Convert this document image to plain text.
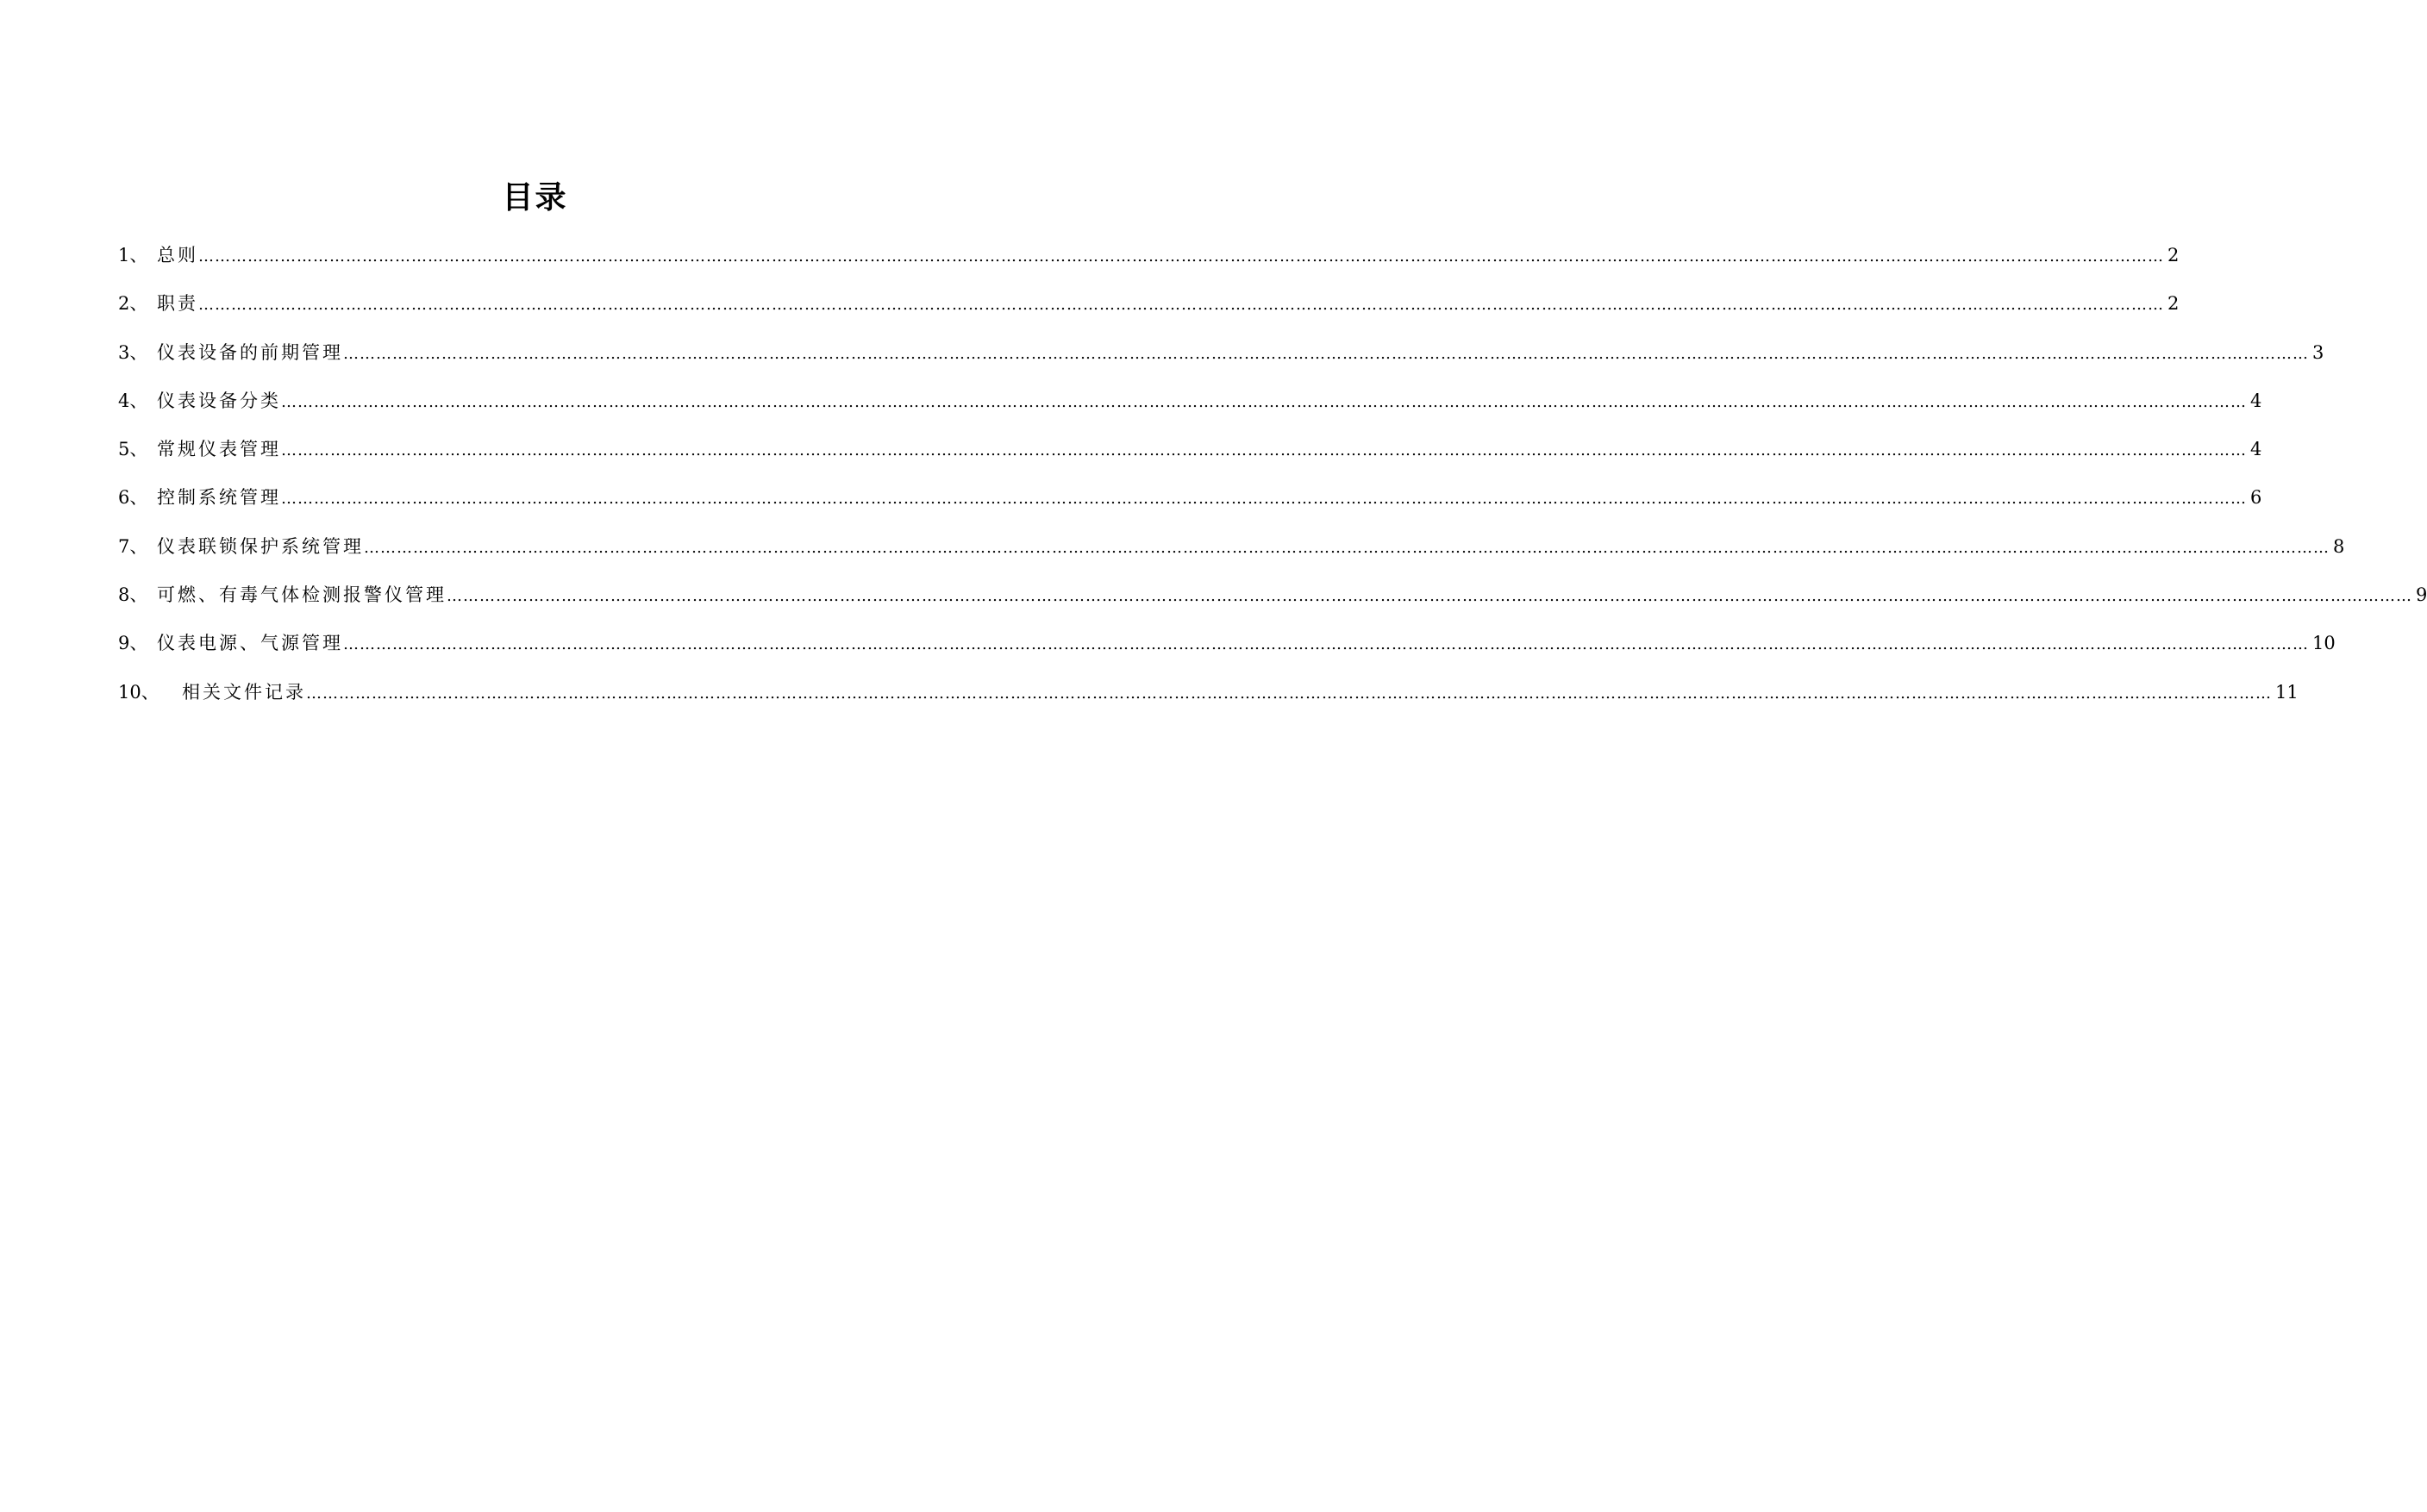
目录
1、 总则 ……………………………………………………………………………………………………………………………………………………………………………………………………………………………………………………………………………………………………………………………… 2
2、 职责 ……………………………………………………………………………………………………………………………………………………………………………………………………………………………………………………………………………………………………………………………… 2
3、 仪表设备的前期管理 ……………………………………………………………………………………………………………………………………………………………………………………………………………………………………………………………………………………………………………………………… 3
4、 仪表设备分类 ……………………………………………………………………………………………………………………………………………………………………………………………………………………………………………………………………………………………………………………………… 4
5、 常规仪表管理 ……………………………………………………………………………………………………………………………………………………………………………………………………………………………………………………………………………………………………………………………… 4
6、 控制系统管理 ……………………………………………………………………………………………………………………………………………………………………………………………………………………………………………………………………………………………………………………………… 6
7、 仪表联锁保护系统管理 ……………………………………………………………………………………………………………………………………………………………………………………………………………………………………………………………………………………………………………………………… 8
8、 可燃、有毒气体检测报警仪管理 ……………………………………………………………………………………………………………………………………………………………………………………………………………………………………………………………………………………………………………………………… 9
9、 仪表电源、气源管理 ……………………………………………………………………………………………………………………………………………………………………………………………………………………………………………………………………………………………………………………………… 10
10、 相关文件记录 ……………………………………………………………………………………………………………………………………………………………………………………………………………………………………………………………………………………………………………………………… 11
